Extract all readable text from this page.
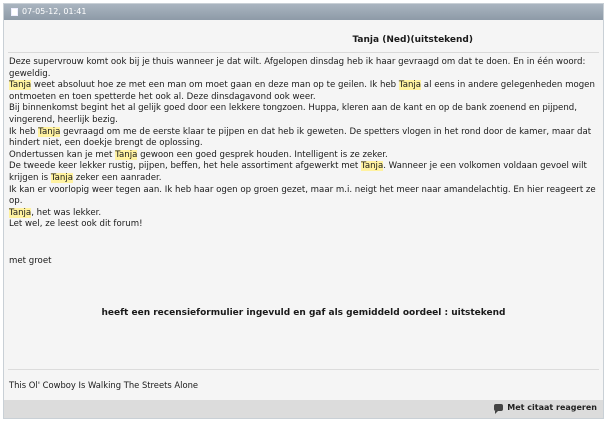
07-05-12, 01:41
Tanja (Ned)(uitstekend)
Deze supervrouw komt ook bij je thuis wanneer je dat wilt. Afgelopen dinsdag heb ik haar gevraagd om dat te doen. En in één woord: geweldig.
Tanja weet absoluut hoe ze met een man om moet gaan en deze man op te geilen. Ik heb Tanja al eens in andere gelegenheden mogen ontmoeten en toen spetterde het ook al. Deze dinsdagavond ook weer.
Bij binnenkomst begint het al gelijk goed door een lekkere tongzoen. Huppa, kleren aan de kant en op de bank zoenend en pijpend, vingerend, heerlijk bezig.
Ik heb Tanja gevraagd om me de eerste klaar te pijpen en dat heb ik geweten. De spetters vlogen in het rond door de kamer, maar dat hindert niet, een doekje brengt de oplossing.
Ondertussen kan je met Tanja gewoon een goed gesprek houden. Intelligent is ze zeker.
De tweede keer lekker rustig, pijpen, beffen, het hele assortiment afgewerkt met Tanja. Wanneer je een volkomen voldaan gevoel wilt krijgen is Tanja zeker een aanrader.
Ik kan er voorlopig weer tegen aan. Ik heb haar ogen op groen gezet, maar m.i. neigt het meer naar amandelachtig. En hier reageert ze op.
Tanja, het was lekker.
Let wel, ze leest ook dit forum!
met groet
heeft een recensieformulier ingevuld en gaf als gemiddeld oordeel : uitstekend
This Ol' Cowboy Is Walking The Streets Alone
Met citaat reageren
